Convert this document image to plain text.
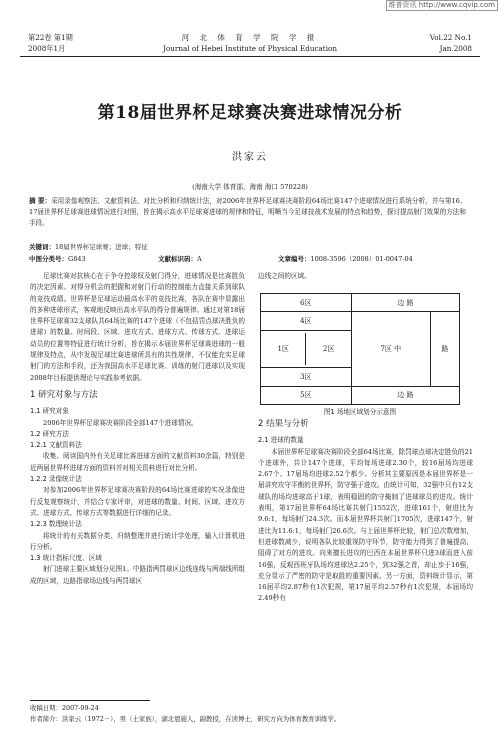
维普资讯 http://www.cqvip.com
第22卷 第1期
2008年1月
河 北 体 育 学 院 学 报
Journal of Hebei Institute of Physical Education
Vol.22 No.1
Jan.2008
第18届世界杯足球赛决赛进球情况分析
洪家云
(海南大学 体育部，海南 海口 570228)
摘 要：采用录像观察法、文献资料法、对比分析和归纳统计法，对2006年世界杯足球赛决赛阶段64场比赛147个进球情况进行系统分析，并与第16、17届世界杯足球赛进球情况进行对照，旨在揭示高水平足球赛进球的规律和特征，明晰当今足球技战术发展的特点和趋势，探讨提高射门效果的方法和手段。
关键词：18届世界杯足球赛；进球；特征
中图分类号：G843	文献标识码：A	文章编号：1008-3596（2008）01-0047-04

足球比赛对抗核心在于争夺控球权及射门得分，进球情况是比赛胜负的决定因素。对得分机会的把握和对射门行动的控制能力直接关系到球队的竞技成绩。世界杯是足球运动最高水平的竞技比赛，各队在赛中显露出的多种进球形式，客观地反映出高水平队的得分普遍规律。通过对第18届世界杯足球赛32支球队共64场比赛的147个进球（不包括罚点球决胜负的进球）的数量、时间段、区域、进攻方式、进球方式、传球方式、进球运动员的位置等特征进行统计分析，旨在揭示本届世界杯足球赛进球的一般规律及特点，从中发现足球比赛进球所具有的共性规律，不仅能充实足球射门的方法和手段，还为我国高水平足球比赛、训练的射门进球以及实现2008年目标提供理论与实践参考依据。

1 研究对象与方法

1.1 研究对象

2006年世界杯足球赛决赛阶段全部147个进球情况。

1.2 研究方法

1.2.1 文献资料法

收集、阅读国内外有关足球比赛进球方面的文献资料30余篇，特别是近两届世界杯进球方面的资料并对相关资料进行对比分析。

1.2.2 录像统计法

对参加2006年世界杯足球赛决赛阶段的64场比赛进球的实况录像进行反复观察统计，并结合专家评审，对进球的数量、时间、区域、进攻方式、进球方式、传球方式等数据进行详细的记录。

1.2.3 数理统计法

将统计的有关数据分类、归纳整理并进行统计学处理，输入计算机进行分析。

1.3 统计指标尺度、区域

射门进球主要区域划分见图1。中路指两罚球区边线连线与两端线所组成的区域，边路指球场边线与两罚球区

边线之间的区域。

6区	边 路
4区	7区 中	路

1区	2区

3区
5区	边 路
图1 场地区域划分示意图
2 结果与分析

2.1 进球的数量

本届世界杯足球赛决赛阶段全部64场比赛，除罚球点球决定胜负的21个进球外，共计147个进球，平均每场进球2.30个，较16届场均进球2.67个、17届场均进球2.52个都少。分析其主要原因是本届世界杯是一届讲究攻守平衡的世界杯，防守强于进攻。由统计可知，32强中只有12支球队的场均进球高于1球，表明稳固的防守掩制了进球球员的进攻。统计表明，第17届世界杯64场比赛共射门1552次，进球161个，射进比为9.6:1，每场射门24.3次。而本届世界杯共射门1705次，进球147个，射进比为11.6:1，每场射门26.6次。与上届世界杯比较，射门总次数增加，但进球数减少，说明各队比较重视防守环节，防守能力得到了普遍提高，阻碍了对方的进攻。向来擅长进攻的巴西在本届世界杯只进3球而进入前16强，反观西班牙队场均进球达2.25个，到32强之首，却止步于16强，充分显示了严密的防守是取胜的重要因素。另一方面，资料统计显示，第16届平均2.87秒有1次犯规，第17届平均2.57秒有1次犯规，本届场均2.49秒有

收稿日期：2007-09-24
作者简介：洪家云（1972－），男（土家族），湖北恩施人，副教授，在读博士，研究方向为体育教育训练学。
